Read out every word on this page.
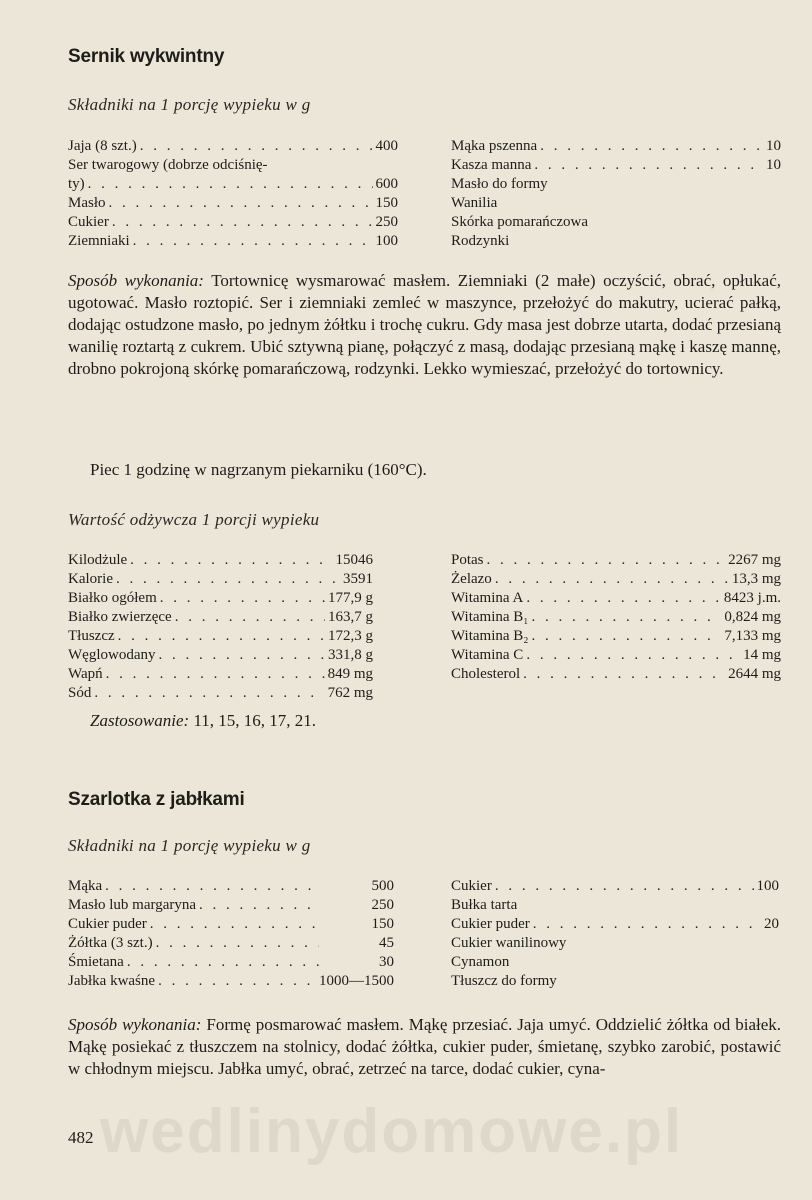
Sernik wykwintny
Składniki na 1 porcję wypieku w g
Jaja (8 szt.) . . .	400
Ser twarogowy (dobrze odciśnię-
ty) . . .	600
Masło . . .	150
Cukier . . .	250
Ziemniaki . . .	100
Mąka pszenna . . .	10
Kasza manna . . .	10
Masło do formy
Wanilia
Skórka pomarańczowa
Rodzynki
Sposób wykonania: Tortownicę wysmarować masłem. Ziemniaki (2 małe) oczyścić, obrać, opłukać, ugotować. Masło roztopić. Ser i ziemniaki zemleć w maszynce, przełożyć do makutry, ucierać pałką, dodając ostudzone masło, po jednym żółtku i trochę cukru. Gdy masa jest dobrze utarta, dodać przesianą wanilię roztartą z cukrem. Ubić sztywną pianę, połączyć z masą, dodając przesianą mąkę i kaszę mannę, drobno pokrojoną skórkę pomarańczową, rodzynki. Lekko wymieszać, przełożyć do tortownicy.
Piec 1 godzinę w nagrzanym piekarniku (160°C).
Wartość odżywcza 1 porcji wypieku
Kilodżule . . .	15046
Kalorie . . .	3591
Białko ogółem . . .	177,9 g
Białko zwierzęce . . .	163,7 g
Tłuszcz . . .	172,3 g
Węglowodany . . .	331,8 g
Wapń . . .	849 mg
Sód . . .	762 mg
Potas . . .	2267 mg
Żelazo . . .	13,3 mg
Witamina A . . .	8423 j.m.
Witamina B₁ . . .	0,824 mg
Witamina B₂ . . .	7,133 mg
Witamina C . . .	14 mg
Cholesterol . . .	2644 mg
Zastosowanie: 11, 15, 16, 17, 21.
Szarlotka z jabłkami
Składniki na 1 porcję wypieku w g
Mąka . . .	500
Masło lub margaryna . . .	250
Cukier puder . . .	150
Żółtka (3 szt.) . . .	45
Śmietana . . .	30
Jabłka kwaśne . . .	1000—1500
Cukier . . .	100
Bułka tarta
Cukier puder . . .	20
Cukier wanilinowy
Cynamon
Tłuszcz do formy
Sposób wykonania: Formę posmarować masłem. Mąkę przesiać. Jaja umyć. Oddzielić żółtka od białek. Mąkę posiekać z tłuszczem na stolnicy, dodać żółtka, cukier puder, śmietanę, szybko zarobić, postawić w chłodnym miejscu. Jabłka umyć, obrać, zetrzeć na tarce, dodać cukier, cyna-
wedlinydomowe.pl
482
